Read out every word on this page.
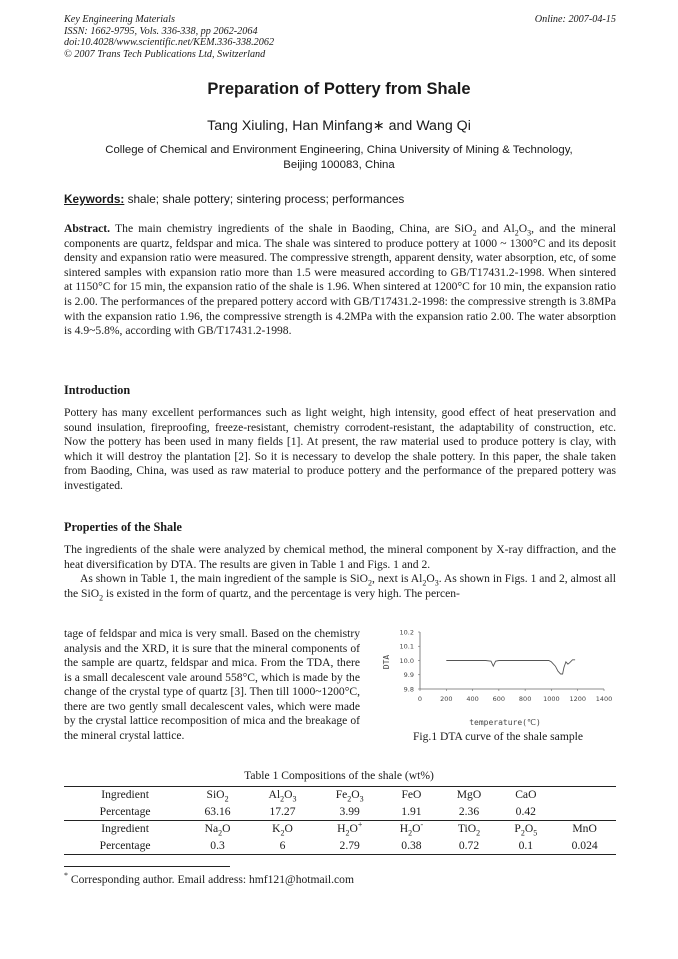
Key Engineering Materials
ISSN: 1662-9795, Vols. 336-338, pp 2062-2064
doi:10.4028/www.scientific.net/KEM.336-338.2062
© 2007 Trans Tech Publications Ltd, Switzerland
Online: 2007-04-15
Preparation of Pottery from Shale
Tang Xiuling, Han Minfang∗ and Wang Qi
College of Chemical and Environment Engineering, China University of Mining & Technology,
Beijing 100083, China
Keywords: shale; shale pottery; sintering process; performances

Abstract. The main chemistry ingredients of the shale in Baoding, China, are SiO$_2$ and $Al_2O_3$, and the mineral components are quartz, feldspar and mica. The shale was sintered to produce pottery at 1000 ~ 1300°C and its deposit density and expansion ratio were measured. The compressive strength, apparent density, water absorption, etc, of some sintered samples with expansion ratio more than 1.5 were measured according to GB/T17431.2-1998. When sintered at 1150°C for 15 min, the expansion ratio of the shale is 1.96. When sintered at 1200°C for 10 min, the expansion ratio is 2.00. The performances of the prepared pottery accord with GB/T17431.2-1998: the compressive strength is 3.8MPa with the expansion ratio 1.96, the compressive strength is 4.2MPa with the expansion ratio 2.00. The water absorption is 4.9~5.8%, according with GB/T17431.2-1998.

Introduction

Pottery has many excellent performances such as light weight, high intensity, good effect of heat preservation and sound insulation, fireproofing, freeze-resistant, chemistry corrodent-resistant, the adaptability of construction, etc. Now the pottery has been used in many fields [1]. At present, the raw material used to produce pottery is clay, with which it will destroy the plantation [2]. So it is necessary to develop the shale pottery. In this paper, the shale taken from Baoding, China, was used as raw material to produce pottery and the performance of the prepared pottery was investigated.

Properties of the Shale

The ingredients of the shale were analyzed by chemical method, the mineral component by X-ray diffraction, and the heat diversification by DTA. The results are given in Table 1 and Figs. 1 and 2.

As shown in Table 1, the main ingredient of the sample is SiO$_2$, next is $Al_2O_3$. As shown in Figs. 1 and 2, almost all the SiO$_2$ is existed in the form of quartz, and the percentage is very high. The percen-

tage of feldspar and mica is very small. Based on the chemistry analysis and the XRD, it is sure that the mineral components of the sample are quartz, feldspar and mica. From the TDA, there is a small decalescent vale around 558°C, which is made by the change of the crystal type of quartz [3]. Then till 1000~1200°C, there are two gently small decalescent vales, which were made by the crystal lattice recomposition of mica and the breakage of the mineral crystal lattice.

0	200 400 600 800 1000 1200 1400
10.2
10.1
10.0
9.9
9.8
DTA
temperature(℃)
Fig.1 DTA curve of the shale sample
Table 1 Compositions of the shale (wt%)
Ingredient	SiO$_2$	$Al_2O_3$	$Fe_2O_3$	FeO	MgO	CaO	
Percentage	63.16	17.27	3.99	1.91	2.36	0.42	
Ingredient	$Na_2O$	$K_2O$	$H_2O^+$	$H_2O^-$	TiO$_2$	$P_2O_5$	MnO
Percentage	0.3	6	2.79	0.38	0.72	0.1	0.024
* Corresponding author. Email address: hmf121@hotmail.com
